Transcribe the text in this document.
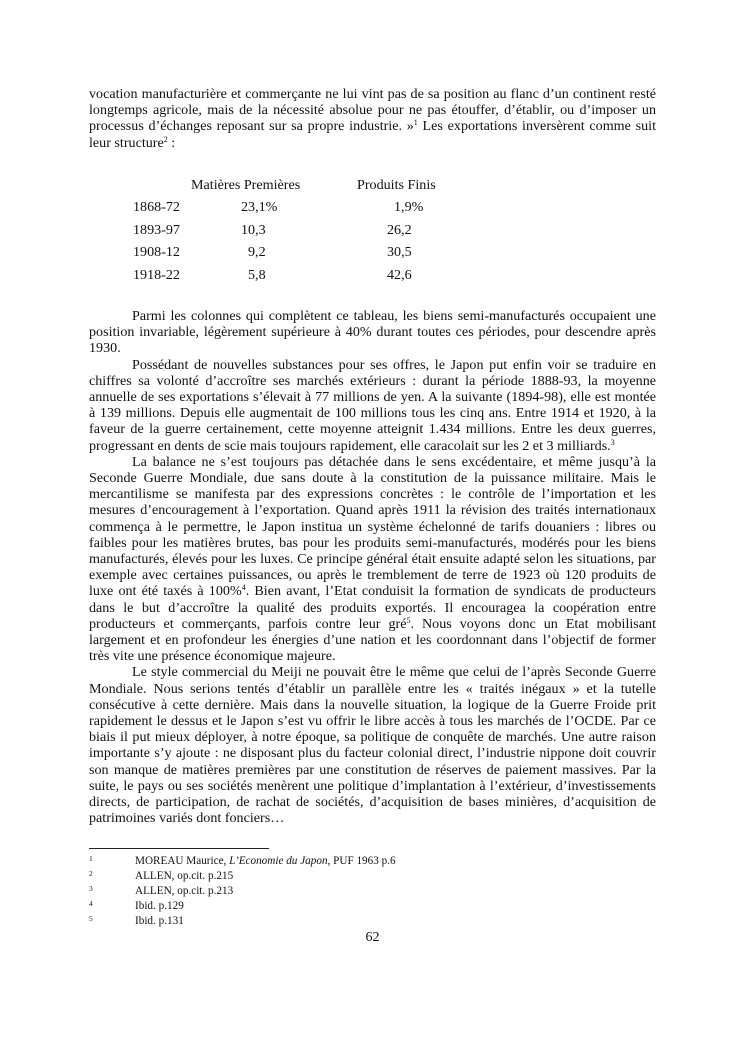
vocation manufacturière et commerçante ne lui vint pas de sa position au flanc d’un continent resté longtemps agricole, mais de la nécessité absolue pour ne pas étouffer, d’établir, ou d’imposer un processus d’échanges reposant sur sa propre industrie. »$^1$ Les exportations inversèrent comme suit leur structure$^2$ :

		Matières Premières	Produits Finis
	1868-72	23,1%	1,9%
	1893-97	10,3	26,2
	1908-12	9,2	30,5
	1918-22	5,8	42,6

Parmi les colonnes qui complètent ce tableau, les biens semi-manufacturés occupaient une position invariable, légèrement supérieure à 40% durant toutes ces périodes, pour descendre après 1930.

Possédant de nouvelles substances pour ses offres, le Japon put enfin voir se traduire en chiffres sa volonté d’accroître ses marchés extérieurs : durant la période 1888-93, la moyenne annuelle de ses exportations s’élevait à 77 millions de yen. A la suivante (1894-98), elle est montée à 139 millions. Depuis elle augmentait de 100 millions tous les cinq ans. Entre 1914 et 1920, à la faveur de la guerre certainement, cette moyenne atteignit 1.434 millions. Entre les deux guerres, progressant en dents de scie mais toujours rapidement, elle caracolait sur les 2 et 3 milliards.$^3$

La balance ne s’est toujours pas détachée dans le sens excédentaire, et même jusqu’à la Seconde Guerre Mondiale, due sans doute à la constitution de la puissance militaire. Mais le mercantilisme se manifesta par des expressions concrètes : le contrôle de l’importation et les mesures d’encouragement à l’exportation. Quand après 1911 la révision des traités internationaux commença à le permettre, le Japon institua un système échelonné de tarifs douaniers : libres ou faibles pour les matières brutes, bas pour les produits semi-manufacturés, modérés pour les biens manufacturés, élevés pour les luxes. Ce principe général était ensuite adapté selon les situations, par exemple avec certaines puissances, ou après le tremblement de terre de 1923 où 120 produits de luxe ont été taxés à 100%$^4$. Bien avant, l’Etat conduisit la formation de syndicats de producteurs dans le but d’accroître la qualité des produits exportés. Il encouragea la coopération entre producteurs et commerçants, parfois contre leur gré$^5$. Nous voyons donc un Etat mobilisant largement et en profondeur les énergies d’une nation et les coordonnant dans l’objectif de former très vite une présence économique majeure.

Le style commercial du Meiji ne pouvait être le même que celui de l’après Seconde Guerre Mondiale. Nous serions tentés d’établir un parallèle entre les « traités inégaux » et la tutelle consécutive à cette dernière. Mais dans la nouvelle situation, la logique de la Guerre Froide prit rapidement le dessus et le Japon s’est vu offrir le libre accès à tous les marchés de l’OCDE. Par ce biais il put mieux déployer, à notre époque, sa politique de conquête de marchés. Une autre raison importante s’y ajoute : ne disposant plus du facteur colonial direct, l’industrie nippone doit couvrir son manque de matières premières par une constitution de réserves de paiement massives. Par la suite, le pays ou ses sociétés menèrent une politique d’implantation à l’extérieur, d’investissements directs, de participation, de rachat de sociétés, d’acquisition de bases minières, d’acquisition de patrimoines variés dont fonciers…

1	MOREAU Maurice, L’Economie du Japon, PUF 1963 p.6
2	ALLEN, op.cit. p.215
3	ALLEN, op.cit. p.213
4	Ibid. p.129
5	Ibid. p.131
62
